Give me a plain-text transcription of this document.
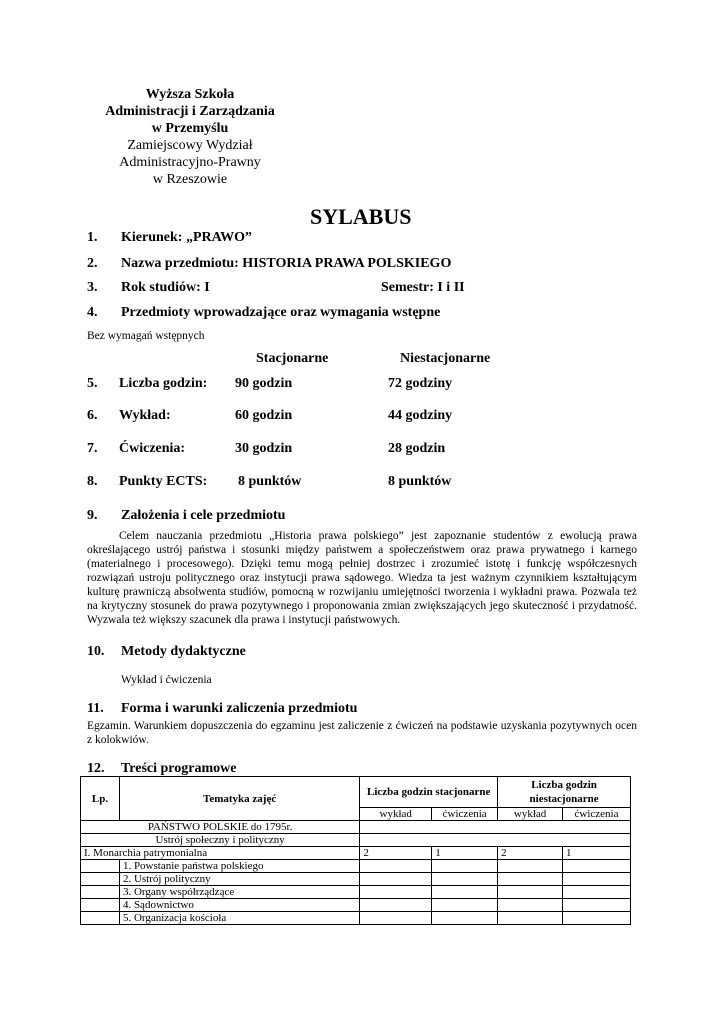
Wyższa Szkoła
Administracji i Zarządzania
w Przemyślu
Zamiejscowy Wydział
Administracyjno-Prawny
w Rzeszowie
SYLABUS
1. Kierunek: „PRAWO”
2. Nazwa przedmiotu: HISTORIA PRAWA POLSKIEGO
3. Rok studiów: I	Semestr: I i II
4. Przedmioty wprowadzające oraz wymagania wstępne
Bez wymagań wstępnych
Stacjonarne	Niestacjonarne
5. Liczba godzin: 90 godzin	72 godziny
6. Wykład:	60 godzin	44 godziny
7. Ćwiczenia:	30 godzin	28 godzin
8. Punkty ECTS: 8 punktów	8 punktów
9. Założenia i cele przedmiotu

Celem nauczania przedmiotu „Historia prawa polskiego” jest zapoznanie studentów z ewolucją prawa określającego ustrój państwa i stosunki między państwem a społeczeństwem oraz prawa prywatnego i karnego (materialnego i procesowego). Dzięki temu mogą pełniej dostrzec i zrozumieć istotę i funkcję współczesnych rozwiązań ustroju politycznego oraz instytucji prawa sądowego. Wiedza ta jest ważnym czynnikiem kształtującym kulturę prawniczą absolwenta studiów, pomocną w rozwijaniu umiejętności tworzenia i wykładni prawa. Pozwala też na krytyczny stosunek do prawa pozytywnego i proponowania zmian zwiększających jego skuteczność i przydatność. Wyzwala też większy szacunek dla prawa i instytucji państwowych.

10. Metody dydaktyczne
Wykład i ćwiczenia
11. Forma i warunki zaliczenia przedmiotu

Egzamin. Warunkiem dopuszczenia do egzaminu jest zaliczenie z ćwiczeń na podstawie uzyskania pozytywnych ocen z kolokwiów.

12. Treści programowe
Lp.	Tematyka zajęć	Liczba godzin stacjonarne		Liczba godzin niestacjonarne	
		wykład	ćwiczenia	wykład	ćwiczenia
PAŃSTWO POLSKIE do 1795r.					
Ustrój społeczny i polityczny					
I. Monarchia patrymonialna		2	1	2	1
	1. Powstanie państwa polskiego				
	2. Ustrój polityczny				
	3. Organy współrządzące				
	4. Sądownictwo				
	5. Organizacja kościoła				
